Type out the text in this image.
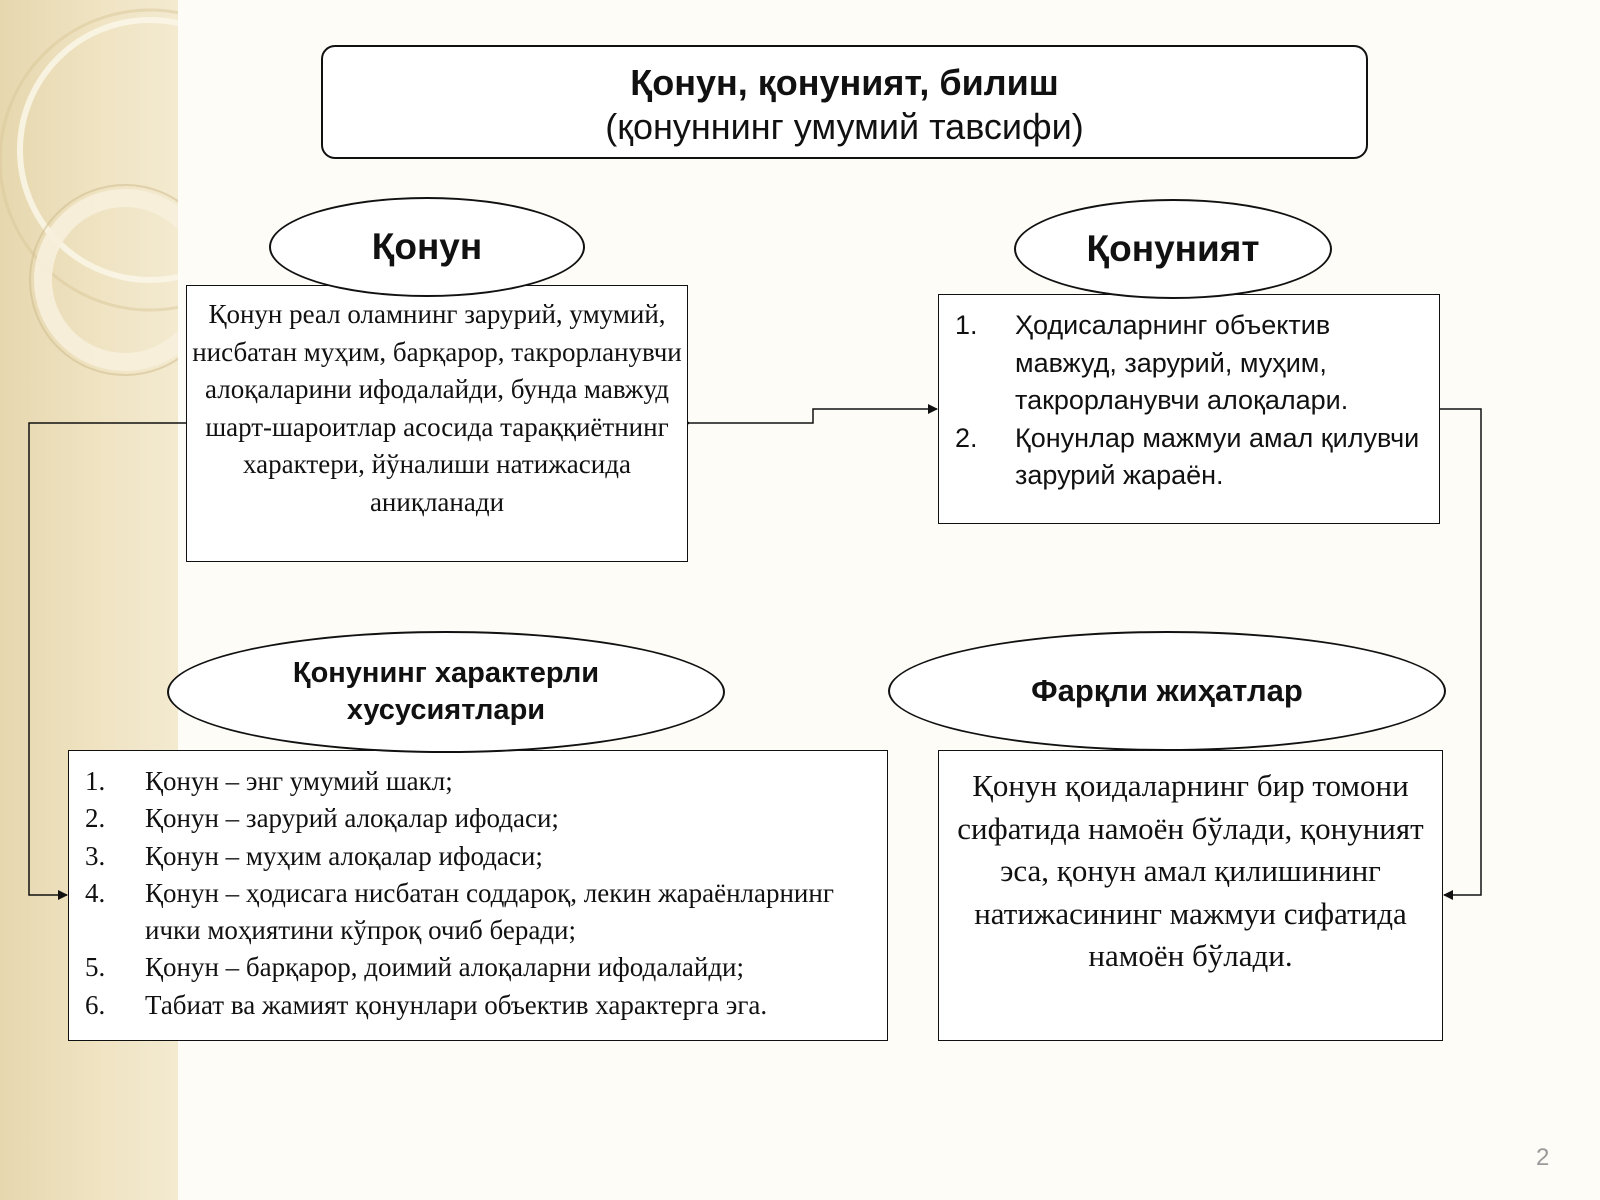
Қонун, қонуният, билиш
(қонуннинг умумий тавсифи)
Қонун реал оламнинг зарурий, умумий, нисбатан муҳим, барқарор, такрорланувчи алоқаларини ифодалайди, бунда мавжуд шарт-шароитлар асосида тараққиётнинг характери, йўналиши натижасида аниқланади
Қонун
1.	Ҳодисаларнинг объектив мавжуд, зарурий, муҳим, такрорланувчи алоқалари.
2.	Қонунлар мажмуи амал қилувчи зарурий жараён.
Қонуният
1.	Қонун – энг умумий шакл;
2.	Қонун – зарурий алоқалар ифодаси;
3.	Қонун – муҳим алоқалар ифодаси;
4.	Қонун – ҳодисага нисбатан соддароқ, лекин жараёнларнинг ички моҳиятини кўпроқ очиб беради;
5.	Қонун – барқарор, доимий алоқаларни ифодалайди;
6.	Табиат ва жамият қонунлари объектив характерга эга.
Қонунинг характерли хусусиятлари
Қонун қоидаларнинг бир томони сифатида намоён бўлади, қонуният эса, қонун амал қилишининг натижасининг мажмуи сифатида намоён бўлади.
Фарқли жиҳатлар
2
